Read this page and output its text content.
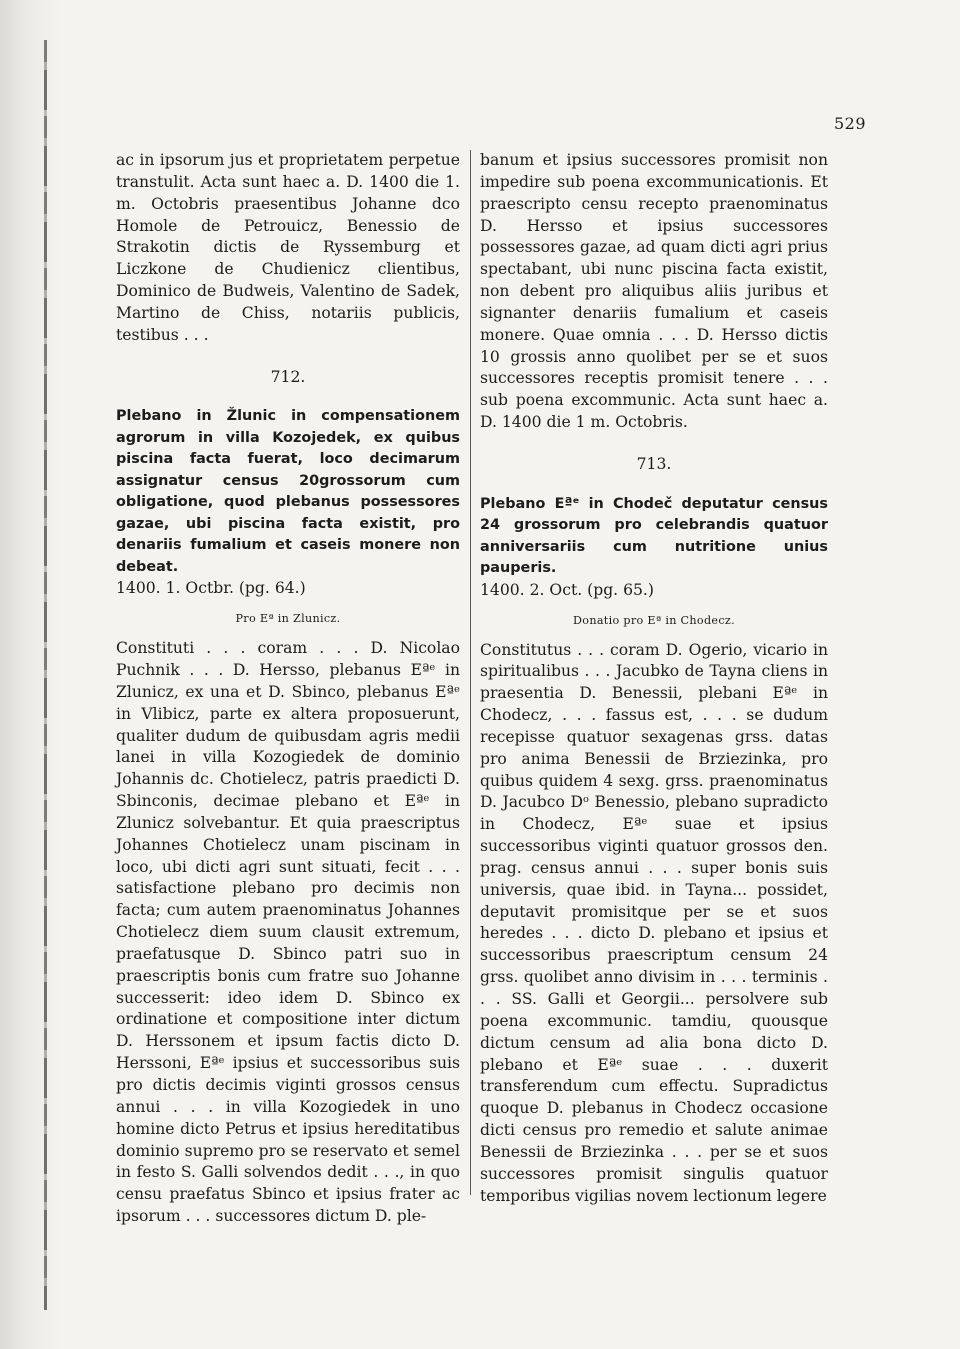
529

ac in ipsorum jus et proprietatem perpetue transtulit. Acta sunt haec a. D. 1400 die 1. m. Octobris praesentibus Johanne dco Homole de Petrouicz, Benessio de Strakotin dictis de Ryssemburg et Liczkone de Chudienicz clientibus, Dominico de Budweis, Valentino de Sadek, Martino de Chiss, notariis publicis, testibus . . .

712.

Plebano in Žlunic in compensationem agrorum in villa Kozojedek, ex quibus piscina facta fuerat, loco decimarum assignatur census 20grossorum cum obligatione, quod plebanus possessores gazae, ubi piscina facta existit, pro denariis fumalium et caseis monere non debeat.

1400. 1. Octbr. (pg. 64.)

Pro Eª in Zlunicz.

Constituti . . . coram . . . D. Nicolao Puchnik . . . D. Hersso, plebanus Eªᵉ in Zlunicz, ex una et D. Sbinco, plebanus Eªᵉ in Vlibicz, parte ex altera proposuerunt, qualiter dudum de quibusdam agris medii lanei in villa Kozogiedek de dominio Johannis dc. Chotielecz, patris praedicti D. Sbinconis, decimae plebano et Eªᵉ in Zlunicz solvebantur. Et quia praescriptus Johannes Chotielecz unam piscinam in loco, ubi dicti agri sunt situati, fecit . . . satisfactione plebano pro decimis non facta; cum autem praenominatus Johannes Chotielecz diem suum clausit extremum, praefatusque D. Sbinco patri suo in praescriptis bonis cum fratre suo Johanne successerit: ideo idem D. Sbinco ex ordinatione et compositione inter dictum D. Herssonem et ipsum factis dicto D. Herssoni, Eªᵉ ipsius et successoribus suis pro dictis decimis viginti grossos census annui . . . in villa Kozogiedek in uno homine dicto Petrus et ipsius hereditatibus dominio supremo pro se reservato et semel in festo S. Galli solvendos dedit . . ., in quo censu praefatus Sbinco et ipsius frater ac ipsorum . . . successores dictum D. ple-

banum et ipsius successores promisit non impedire sub poena excommunicationis. Et praescripto censu recepto praenominatus D. Hersso et ipsius successores possessores gazae, ad quam dicti agri prius spectabant, ubi nunc piscina facta existit, non debent pro aliquibus aliis juribus et signanter denariis fumalium et caseis monere. Quae omnia . . . D. Hersso dictis 10 grossis anno quolibet per se et suos successores receptis promisit tenere . . . sub poena excommunic. Acta sunt haec a. D. 1400 die 1 m. Octobris.

713.

Plebano Eªᵉ in Chodeč deputatur census 24 grossorum pro celebrandis quatuor anniversariis cum nutritione unius pauperis.

1400. 2. Oct. (pg. 65.)

Donatio pro Eª in Chodecz.

Constitutus . . . coram D. Ogerio, vicario in spiritualibus . . . Jacubko de Tayna cliens in praesentia D. Benessii, plebani Eªᵉ in Chodecz, . . . fassus est, . . . se dudum recepisse quatuor sexagenas grss. datas pro anima Benessii de Brziezinka, pro quibus quidem 4 sexg. grss. praenominatus D. Jacubco Dᵒ Benessio, plebano supradicto in Chodecz, Eªᵉ suae et ipsius successoribus viginti quatuor grossos den. prag. census annui . . . super bonis suis universis, quae ibid. in Tayna... possidet, deputavit promisitque per se et suos heredes . . . dicto D. plebano et ipsius et successoribus praescriptum censum 24 grss. quolibet anno divisim in . . . terminis . . . SS. Galli et Georgii... persolvere sub poena excommunic. tamdiu, quousque dictum censum ad alia bona dicto D. plebano et Eªᵉ suae . . . duxerit transferendum cum effectu. Supradictus quoque D. plebanus in Chodecz occasione dicti census pro remedio et salute animae Benessii de Brziezinka . . . per se et suos successores promisit singulis quatuor temporibus vigilias novem lectionum legere
